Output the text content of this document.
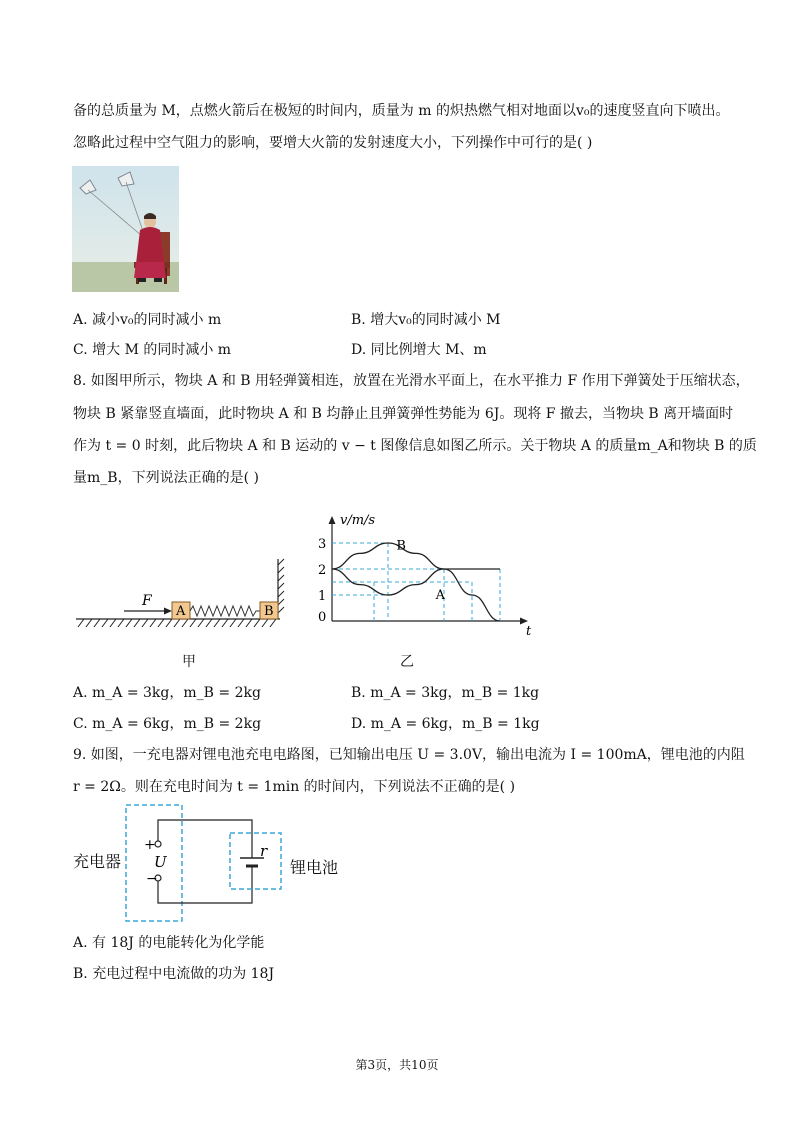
备的总质量为 M，点燃火箭后在极短的时间内，质量为 m 的炽热燃气相对地面以v₀的速度竖直向下喷出。
忽略此过程中空气阻力的影响，要增大火箭的发射速度大小，下列操作中可行的是( )
A. 减小v₀的同时减小 m	B. 增大v₀的同时减小 M
C. 增大 M 的同时减小 m	D. 同比例增大 M、m
8. 如图甲所示，物块 A 和 B 用轻弹簧相连，放置在光滑水平面上，在水平推力 F 作用下弹簧处于压缩状态，
物块 B 紧靠竖直墙面，此时物块 A 和 B 均静止且弹簧弹性势能为 6J。现将 F 撤去，当物块 B 离开墙面时
作为 t = 0 时刻，此后物块 A 和 B 运动的 v − t 图像信息如图乙所示。关于物块 A 的质量m_A和物块 B 的质
量m_B，下列说法正确的是( )
F
A	B
甲
v/m/s
t
0
1
2
3	B
A
乙
A. m_A = 3kg，m_B = 2kg	B. m_A = 3kg，m_B = 1kg
C. m_A = 6kg，m_B = 2kg	D. m_A = 6kg，m_B = 1kg
9. 如图，一充电器对锂电池充电电路图，已知输出电压 U = 3.0V，输出电流为 I = 100mA，锂电池的内阻
r = 2Ω。则在充电时间为 t = 1min 的时间内，下列说法不正确的是( )
充电器	锂电池
+
−
U
r
A. 有 18J 的电能转化为化学能
B. 充电过程中电流做的功为 18J
第3页，共10页
